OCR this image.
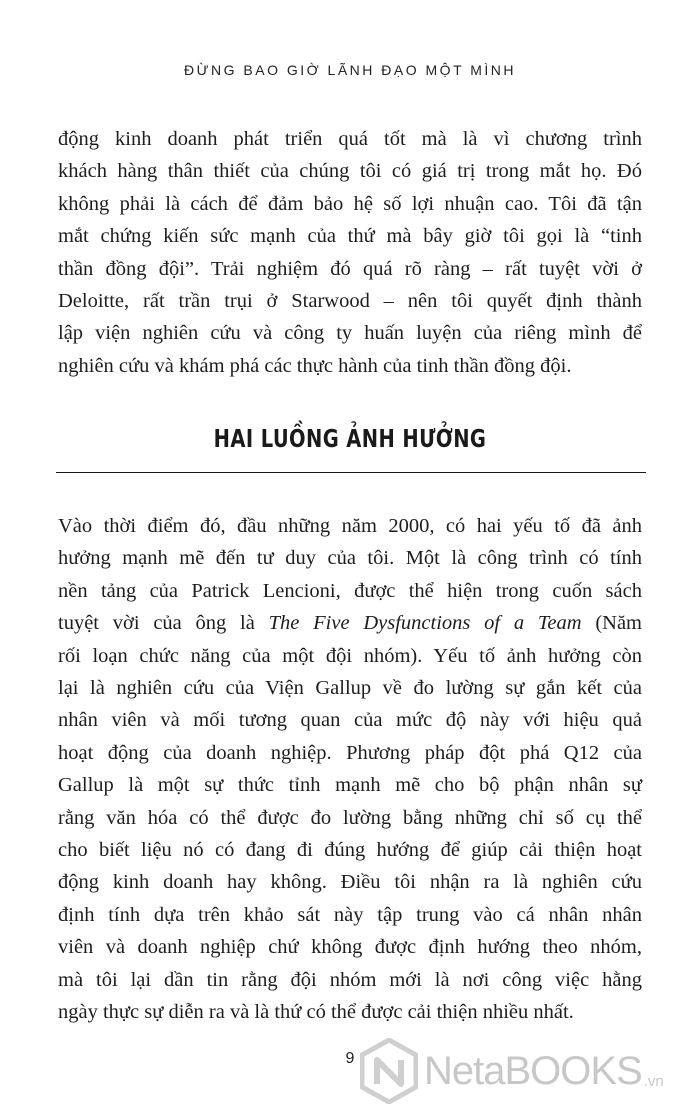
ĐỪNG BAO GIỜ LÃNH ĐẠO MỘT MÌNH

động kinh doanh phát triển quá tốt mà là vì chương trình
khách hàng thân thiết của chúng tôi có giá trị trong mắt họ. Đó
không phải là cách để đảm bảo hệ số lợi nhuận cao. Tôi đã tận
mắt chứng kiến sức mạnh của thứ mà bây giờ tôi gọi là “tinh
thần đồng đội”. Trải nghiệm đó quá rõ ràng – rất tuyệt vời ở
Deloitte, rất trần trụi ở Starwood – nên tôi quyết định thành
lập viện nghiên cứu và công ty huấn luyện của riêng mình để
nghiên cứu và khám phá các thực hành của tinh thần đồng đội.

HAI LUỒNG ẢNH HƯỞNG

Vào thời điểm đó, đầu những năm 2000, có hai yếu tố đã ảnh
hưởng mạnh mẽ đến tư duy của tôi. Một là công trình có tính
nền tảng của Patrick Lencioni, được thể hiện trong cuốn sách
tuyệt vời của ông là The Five Dysfunctions of a Team (Năm
rối loạn chức năng của một đội nhóm). Yếu tố ảnh hưởng còn
lại là nghiên cứu của Viện Gallup về đo lường sự gắn kết của
nhân viên và mối tương quan của mức độ này với hiệu quả
hoạt động của doanh nghiệp. Phương pháp đột phá Q12 của
Gallup là một sự thức tỉnh mạnh mẽ cho bộ phận nhân sự
rằng văn hóa có thể được đo lường bằng những chỉ số cụ thể
cho biết liệu nó có đang đi đúng hướng để giúp cải thiện hoạt
động kinh doanh hay không. Điều tôi nhận ra là nghiên cứu
định tính dựa trên khảo sát này tập trung vào cá nhân nhân
viên và doanh nghiệp chứ không được định hướng theo nhóm,
mà tôi lại dần tin rằng đội nhóm mới là nơi công việc hằng
ngày thực sự diễn ra và là thứ có thể được cải thiện nhiều nhất.

9	NetaBOOKS .vn
